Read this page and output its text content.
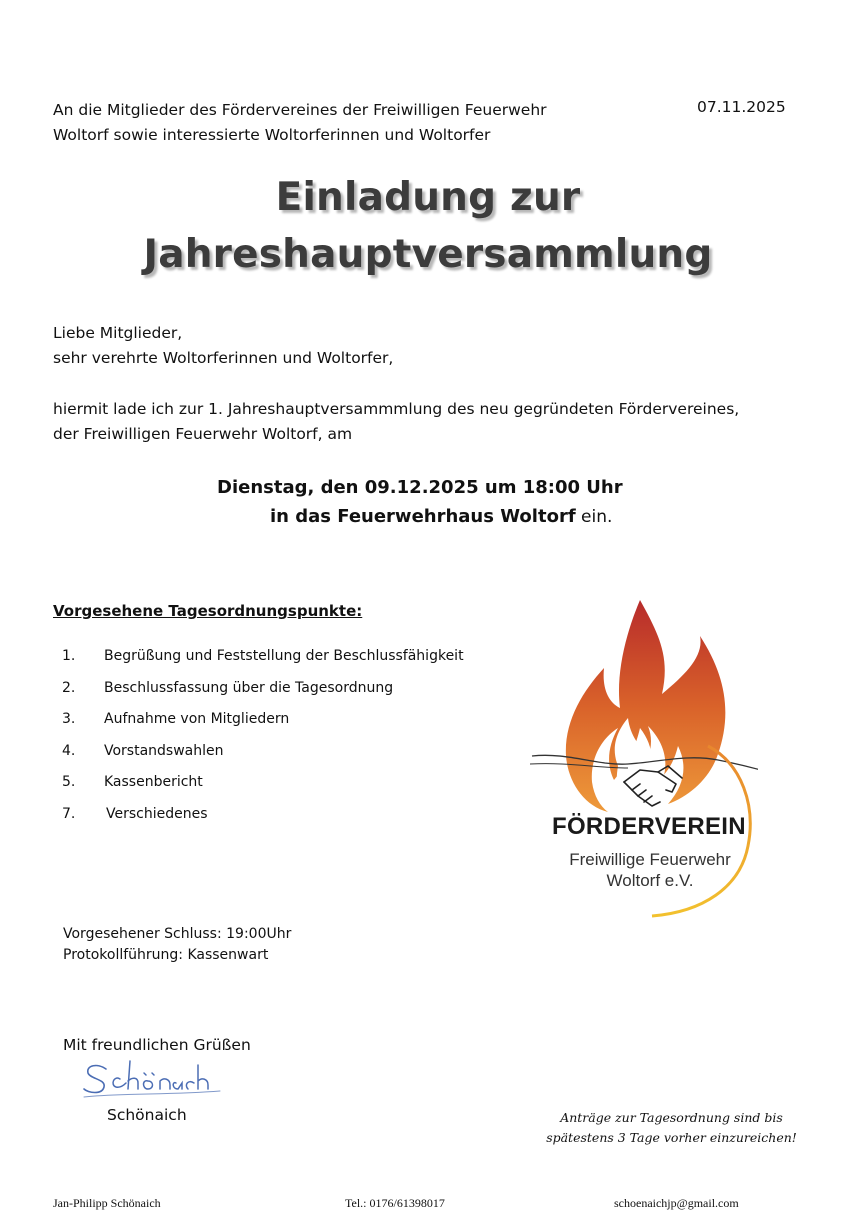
An die Mitglieder des Fördervereines der Freiwilligen Feuerwehr
Woltorf sowie interessierte Woltorferinnen und Woltorfer
07.11.2025
Einladung zur
Jahreshauptversammlung
Liebe Mitglieder,
sehr verehrte Woltorferinnen und Woltorfer,
hiermit lade ich zur 1. Jahreshauptversammmlung des neu gegründeten Fördervereines,
der Freiwilligen Feuerwehr Woltorf, am
Dienstag, den 09.12.2025 um 18:00 Uhr
in das Feuerwehrhaus Woltorf ein.
Vorgesehene Tagesordnungspunkte:
1. Begrüßung und Feststellung der Beschlussfähigkeit
2. Beschlussfassung über die Tagesordnung
3. Aufnahme von Mitgliedern
4. Vorstandswahlen
5. Kassenbericht
7. Verschiedenes	FÖRDERVEREIN
Freiwillige Feuerwehr
Woltorf e.V.
Vorgesehener Schluss: 19:00Uhr
Protokollführung: Kassenwart
Mit freundlichen Grüßen
Schönaich	Anträge zur Tagesordnung sind bis
spätestens 3 Tage vorher einzureichen!
Jan-Philipp Schönaich	Tel.: 0176/61398017	schoenaichjp@gmail.com
